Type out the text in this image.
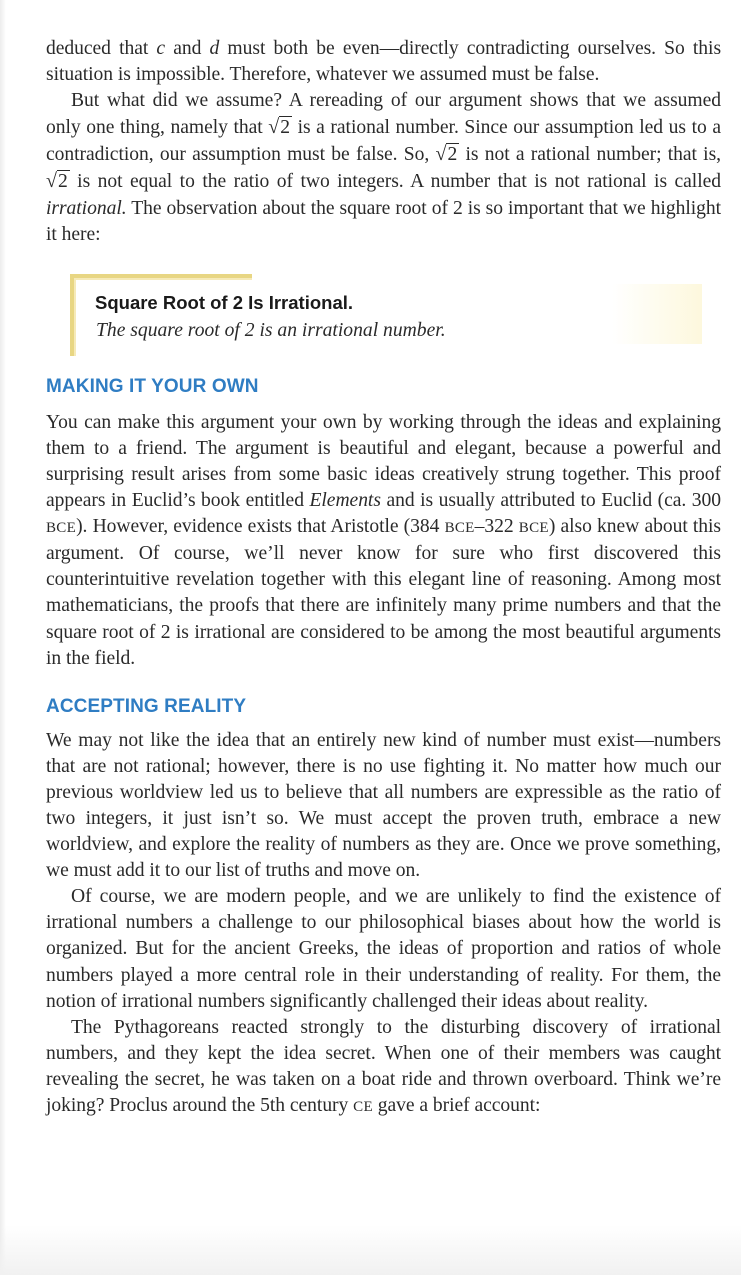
deduced that c and d must both be even—directly contradicting ourselves. So this situation is impossible. Therefore, whatever we assumed must be false.

But what did we assume? A rereading of our argument shows that we assumed only one thing, namely that √2 is a rational number. Since our assumption led us to a contradiction, our assumption must be false. So, √2 is not a rational number; that is, √2 is not equal to the ratio of two integers. A number that is not rational is called irrational. The observation about the square root of 2 is so important that we highlight it here:

Square Root of 2 Is Irrational.
The square root of 2 is an irrational number.
MAKING IT YOUR OWN

You can make this argument your own by working through the ideas and explaining them to a friend. The argument is beautiful and elegant, because a powerful and surprising result arises from some basic ideas creatively strung together. This proof appears in Euclid’s book entitled Elements and is usually attributed to Euclid (ca. 300 BCE). However, evidence exists that Aristotle (384 BCE–322 BCE) also knew about this argument. Of course, we’ll never know for sure who first discovered this counterintuitive revelation together with this elegant line of reasoning. Among most mathematicians, the proofs that there are infinitely many prime numbers and that the square root of 2 is irrational are considered to be among the most beautiful arguments in the field.

ACCEPTING REALITY

We may not like the idea that an entirely new kind of number must exist—numbers that are not rational; however, there is no use fighting it. No matter how much our previous worldview led us to believe that all numbers are expressible as the ratio of two integers, it just isn’t so. We must accept the proven truth, embrace a new worldview, and explore the reality of numbers as they are. Once we prove something, we must add it to our list of truths and move on.

Of course, we are modern people, and we are unlikely to find the existence of irrational numbers a challenge to our philosophical biases about how the world is organized. But for the ancient Greeks, the ideas of proportion and ratios of whole numbers played a more central role in their understanding of reality. For them, the notion of irrational numbers significantly challenged their ideas about reality.

The Pythagoreans reacted strongly to the disturbing discovery of irrational numbers, and they kept the idea secret. When one of their members was caught revealing the secret, he was taken on a boat ride and thrown overboard. Think we’re joking? Proclus around the 5th century CE gave a brief account:
